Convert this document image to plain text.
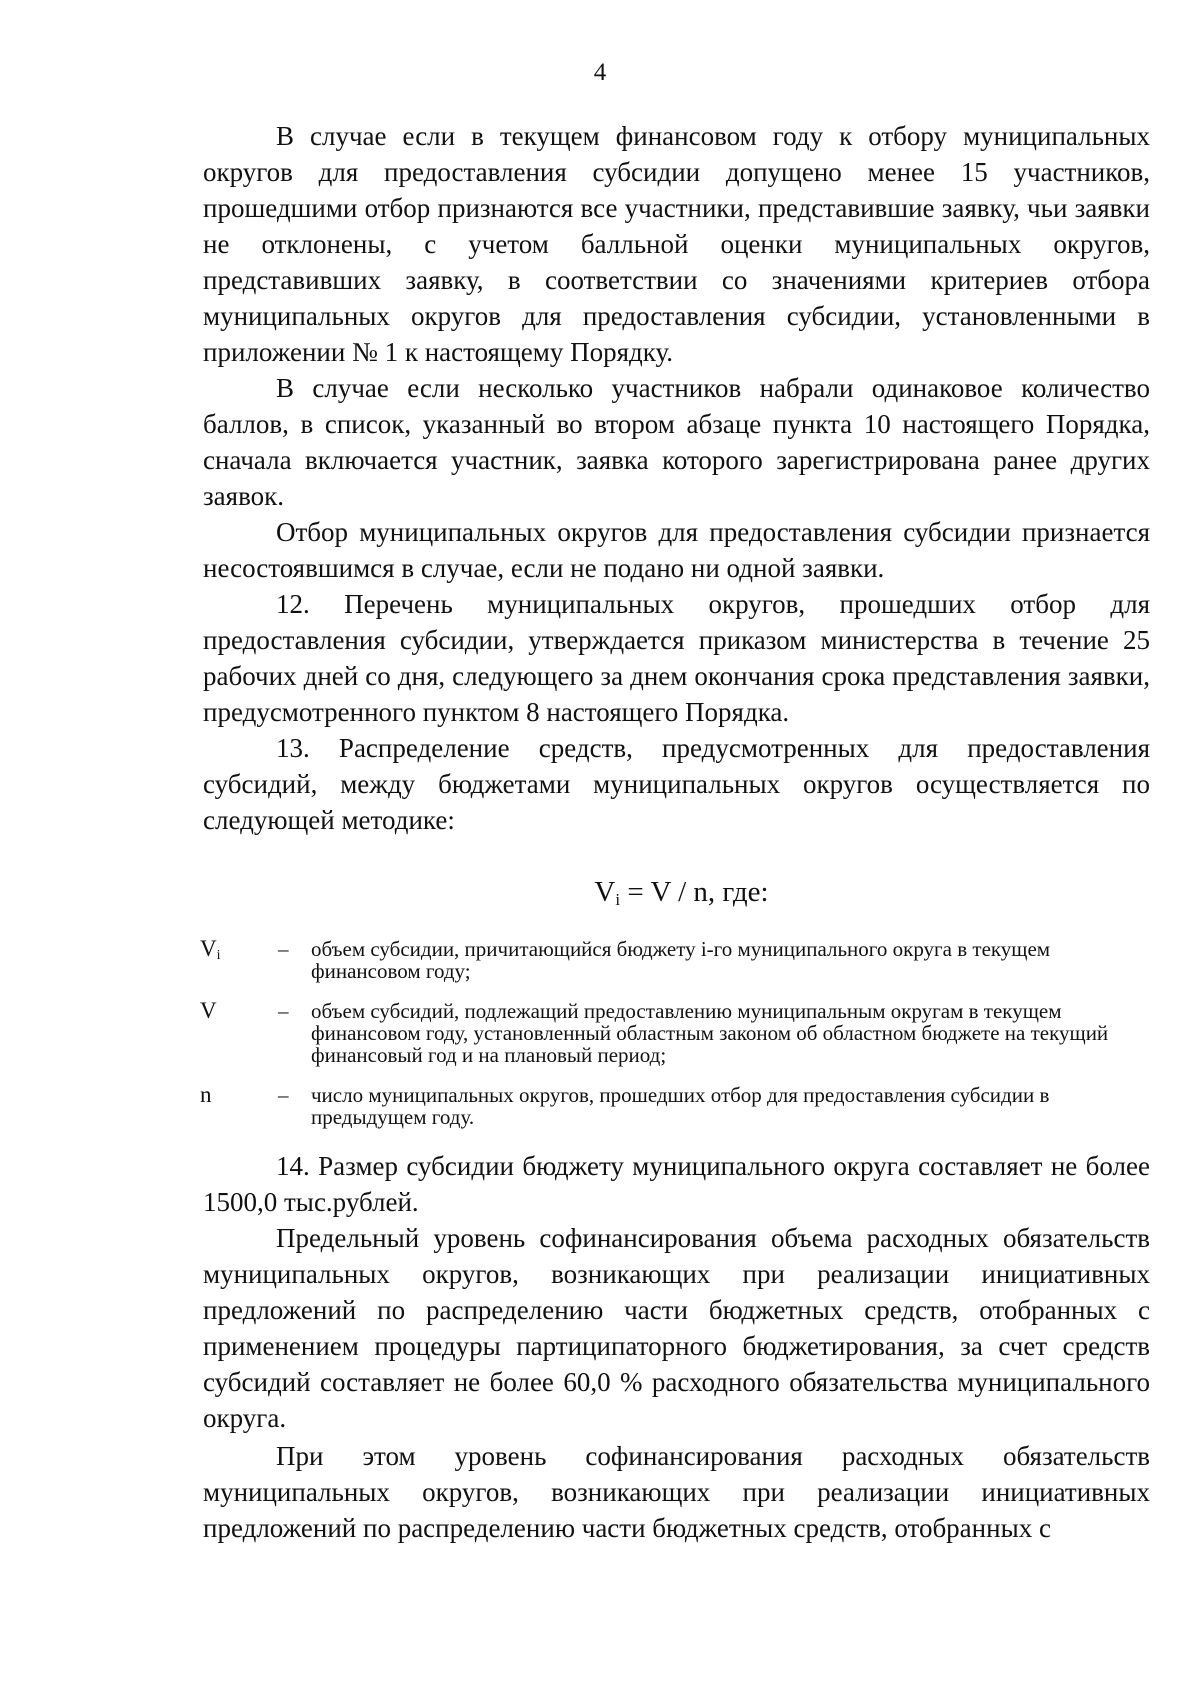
4

В случае если в текущем финансовом году к отбору муниципальных округов для предоставления субсидии допущено менее 15 участников, прошедшими отбор признаются все участники, представившие заявку, чьи заявки не отклонены, с учетом балльной оценки муниципальных округов, представивших заявку, в соответствии со значениями критериев отбора муниципальных округов для предоставления субсидии, установленными в приложении № 1 к настоящему Порядку.

В случае если несколько участников набрали одинаковое количество баллов, в список, указанный во втором абзаце пункта 10 настоящего Порядка, сначала включается участник, заявка которого зарегистрирована ранее других заявок.

Отбор муниципальных округов для предоставления субсидии признается несостоявшимся в случае, если не подано ни одной заявки.

12. Перечень муниципальных округов, прошедших отбор для предоставления субсидии, утверждается приказом министерства в течение 25 рабочих дней со дня, следующего за днем окончания срока представления заявки, предусмотренного пунктом 8 настоящего Порядка.

13. Распределение средств, предусмотренных для предоставления субсидий, между бюджетами муниципальных округов осуществляется по следующей методике:

$V_i = V / n$, где:
$V_i$	–	объем субсидии, причитающийся бюджету i-го муниципального округа в текущем финансовом году;
V	–	объем субсидий, подлежащий предоставлению муниципальным округам в текущем финансовом году, установленный областным законом об областном бюджете на текущий финансовый год и на плановый период;
n	–	число муниципальных округов, прошедших отбор для предоставления субсидии в предыдущем году.

14. Размер субсидии бюджету муниципального округа составляет не более 1500,0 тыс.рублей.

Предельный уровень софинансирования объема расходных обязательств муниципальных округов, возникающих при реализации инициативных предложений по распределению части бюджетных средств, отобранных с применением процедуры партиципаторного бюджетирования, за счет средств субсидий составляет не более 60,0 % расходного обязательства муниципального округа.

При этом уровень софинансирования расходных обязательств муниципальных округов, возникающих при реализации инициативных предложений по распределению части бюджетных средств, отобранных с
